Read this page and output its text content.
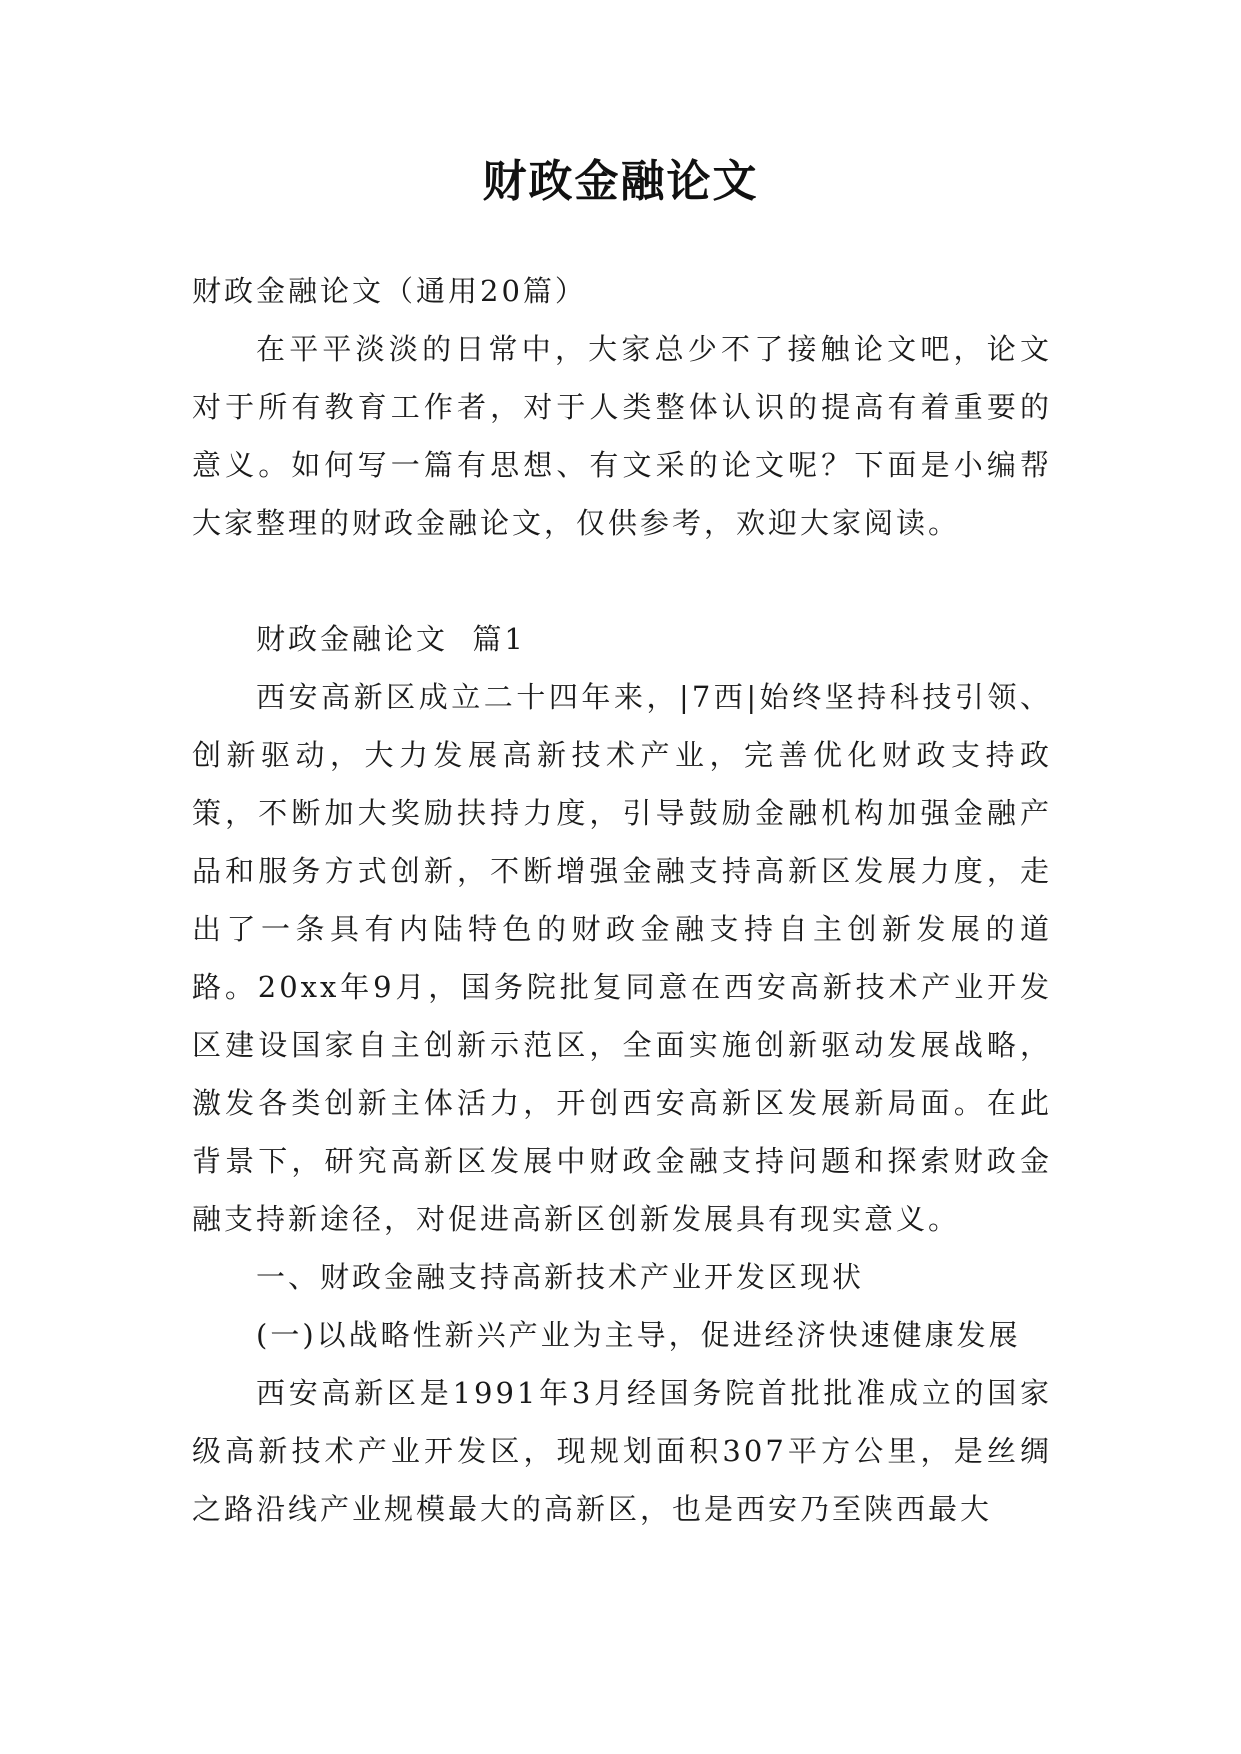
财政金融论文

财政金融论文（通用20篇）

在平平淡淡的日常中，大家总少不了接触论文吧，论文对于所有教育工作者，对于人类整体认识的提高有着重要的意义。如何写一篇有思想、有文采的论文呢？下面是小编帮大家整理的财政金融论文，仅供参考，欢迎大家阅读。

财政金融论文  篇1

西安高新区成立二十四年来，|7西|始终坚持科技引领、创新驱动，大力发展高新技术产业，完善优化财政支持政策，不断加大奖励扶持力度，引导鼓励金融机构加强金融产品和服务方式创新，不断增强金融支持高新区发展力度，走出了一条具有内陆特色的财政金融支持自主创新发展的道路。20xx年9月，国务院批复同意在西安高新技术产业开发区建设国家自主创新示范区，全面实施创新驱动发展战略，激发各类创新主体活力，开创西安高新区发展新局面。在此背景下，研究高新区发展中财政金融支持问题和探索财政金融支持新途径，对促进高新区创新发展具有现实意义。

一、财政金融支持高新技术产业开发区现状

(一)以战略性新兴产业为主导，促进经济快速健康发展

西安高新区是1991年3月经国务院首批批准成立的国家级高新技术产业开发区，现规划面积307平方公里，是丝绸之路沿线产业规模最大的高新区，也是西安乃至陕西最大
